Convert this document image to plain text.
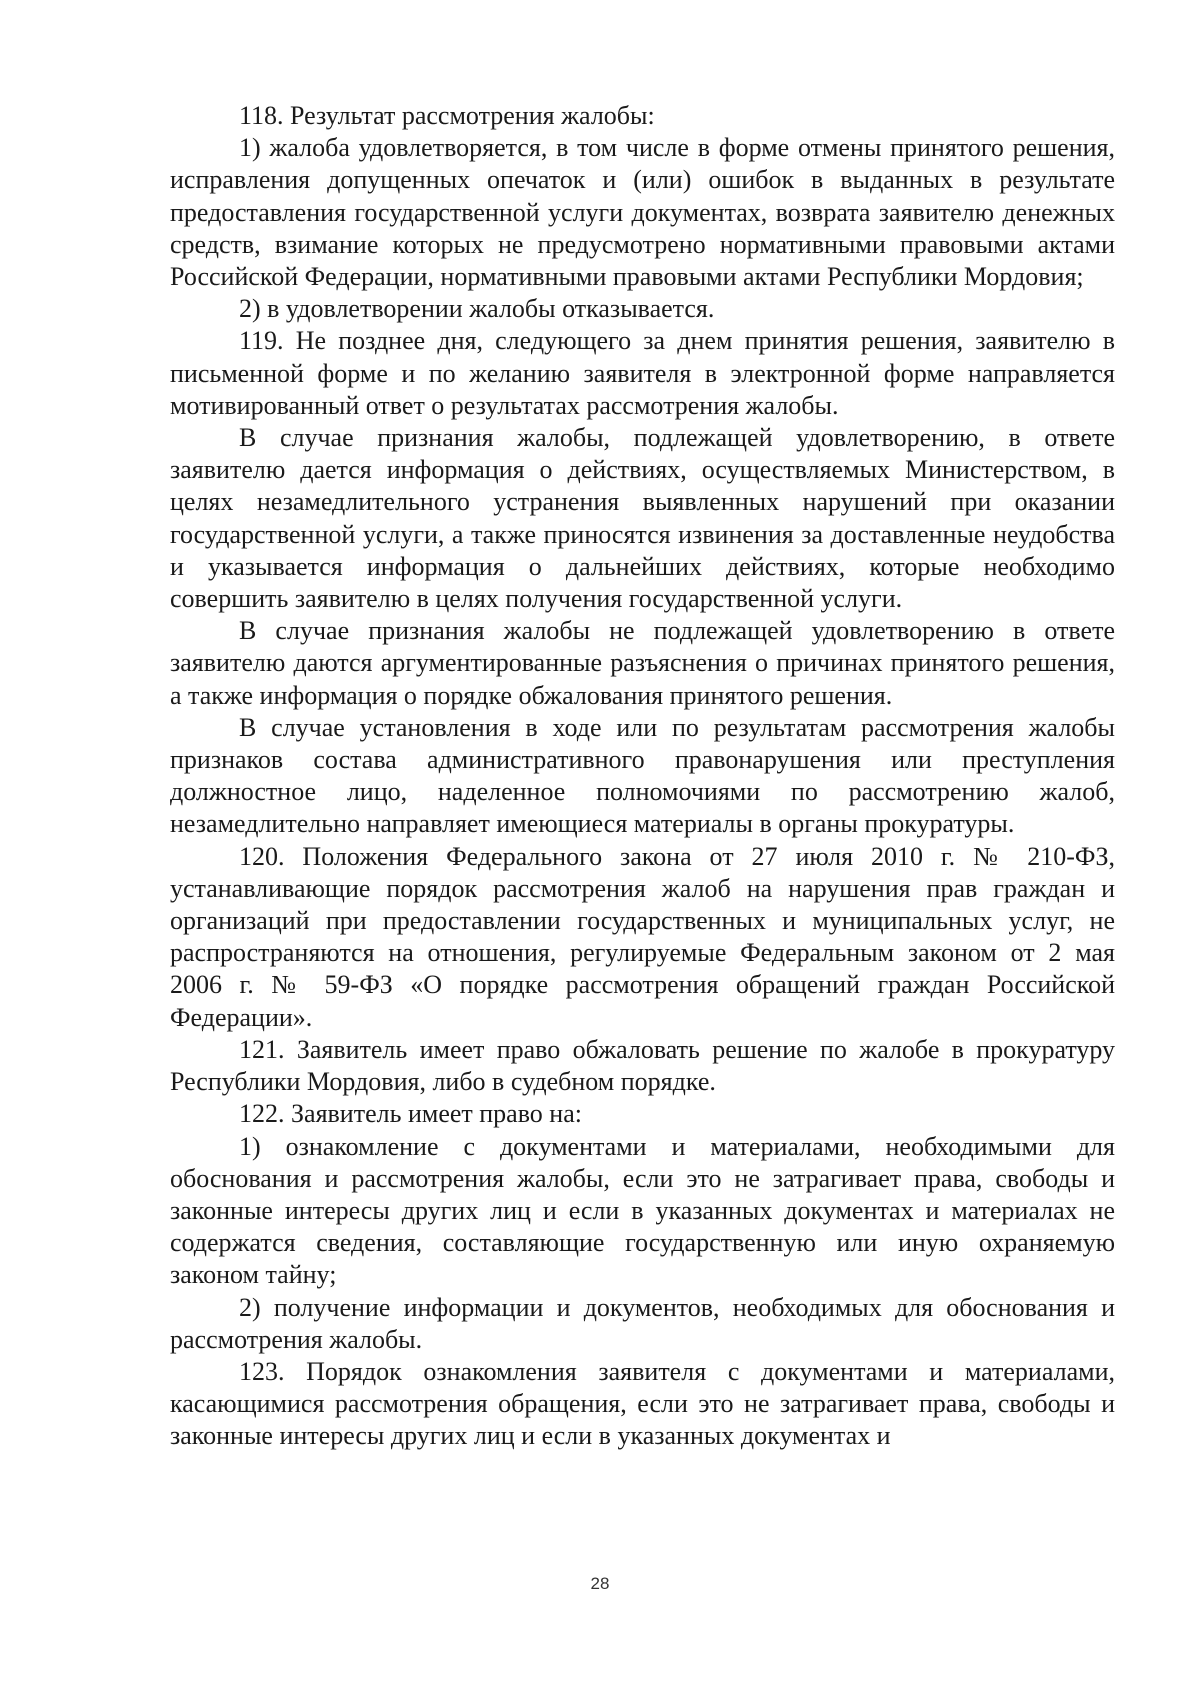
118. Результат рассмотрения жалобы:

1) жалоба удовлетворяется, в том числе в форме отмены принятого решения, исправления допущенных опечаток и (или) ошибок в выданных в результате предоставления государственной услуги документах, возврата заявителю денежных средств, взимание которых не предусмотрено нормативными правовыми актами Российской Федерации, нормативными правовыми актами Республики Мордовия;

2) в удовлетворении жалобы отказывается.

119. Не позднее дня, следующего за днем принятия решения, заявителю в письменной форме и по желанию заявителя в электронной форме направляется мотивированный ответ о результатах рассмотрения жалобы.

В случае признания жалобы, подлежащей удовлетворению, в ответе заявителю дается информация о действиях, осуществляемых Министерством, в целях незамедлительного устранения выявленных нарушений при оказании государственной услуги, а также приносятся извинения за доставленные неудобства и указывается информация о дальнейших действиях, которые необходимо совершить заявителю в целях получения государственной услуги.

В случае признания жалобы не подлежащей удовлетворению в ответе заявителю даются аргументированные разъяснения о причинах принятого решения, а также информация о порядке обжалования принятого решения.

В случае установления в ходе или по результатам рассмотрения жалобы признаков состава административного правонарушения или преступления должностное лицо, наделенное полномочиями по рассмотрению жалоб, незамедлительно направляет имеющиеся материалы в органы прокуратуры.

120. Положения Федерального закона от 27 июля 2010 г. № 210-ФЗ, устанавливающие порядок рассмотрения жалоб на нарушения прав граждан и организаций при предоставлении государственных и муниципальных услуг, не распространяются на отношения, регулируемые Федеральным законом от 2 мая 2006 г. № 59-ФЗ «О порядке рассмотрения обращений граждан Российской Федерации».

121. Заявитель имеет право обжаловать решение по жалобе в прокуратуру Республики Мордовия, либо в судебном порядке.

122. Заявитель имеет право на:

1) ознакомление с документами и материалами, необходимыми для обоснования и рассмотрения жалобы, если это не затрагивает права, свободы и законные интересы других лиц и если в указанных документах и материалах не содержатся сведения, составляющие государственную или иную охраняемую законом тайну;

2) получение информации и документов, необходимых для обоснования и рассмотрения жалобы.

123. Порядок ознакомления заявителя с документами и материалами, касающимися рассмотрения обращения, если это не затрагивает права, свободы и законные интересы других лиц и если в указанных документах и

28
